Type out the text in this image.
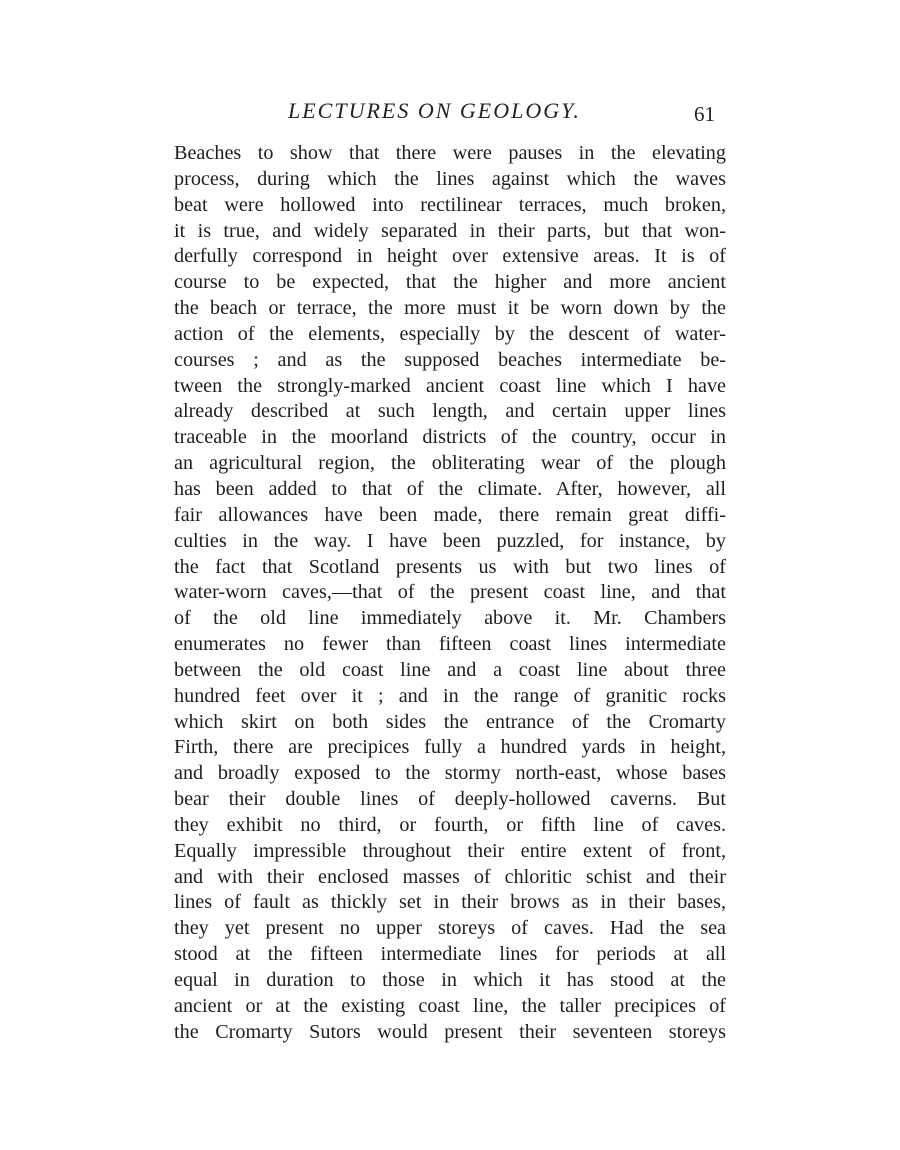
LECTURES ON GEOLOGY.	61
Beaches to show that there were pauses in the elevating
process, during which the lines against which the waves
beat were hollowed into rectilinear terraces, much broken,
it is true, and widely separated in their parts, but that won-
derfully correspond in height over extensive areas. It is of
course to be expected, that the higher and more ancient
the beach or terrace, the more must it be worn down by the
action of the elements, especially by the descent of water-
courses ; and as the supposed beaches intermediate be-
tween the strongly-marked ancient coast line which I have
already described at such length, and certain upper lines
traceable in the moorland districts of the country, occur in
an agricultural region, the obliterating wear of the plough
has been added to that of the climate. After, however, all
fair allowances have been made, there remain great diffi-
culties in the way. I have been puzzled, for instance, by
the fact that Scotland presents us with but two lines of
water-worn caves,—that of the present coast line, and that
of the old line immediately above it. Mr. Chambers
enumerates no fewer than fifteen coast lines intermediate
between the old coast line and a coast line about three
hundred feet over it ; and in the range of granitic rocks
which skirt on both sides the entrance of the Cromarty
Firth, there are precipices fully a hundred yards in height,
and broadly exposed to the stormy north-east, whose bases
bear their double lines of deeply-hollowed caverns. But
they exhibit no third, or fourth, or fifth line of caves.
Equally impressible throughout their entire extent of front,
and with their enclosed masses of chloritic schist and their
lines of fault as thickly set in their brows as in their bases,
they yet present no upper storeys of caves. Had the sea
stood at the fifteen intermediate lines for periods at all
equal in duration to those in which it has stood at the
ancient or at the existing coast line, the taller precipices of
the Cromarty Sutors would present their seventeen storeys
